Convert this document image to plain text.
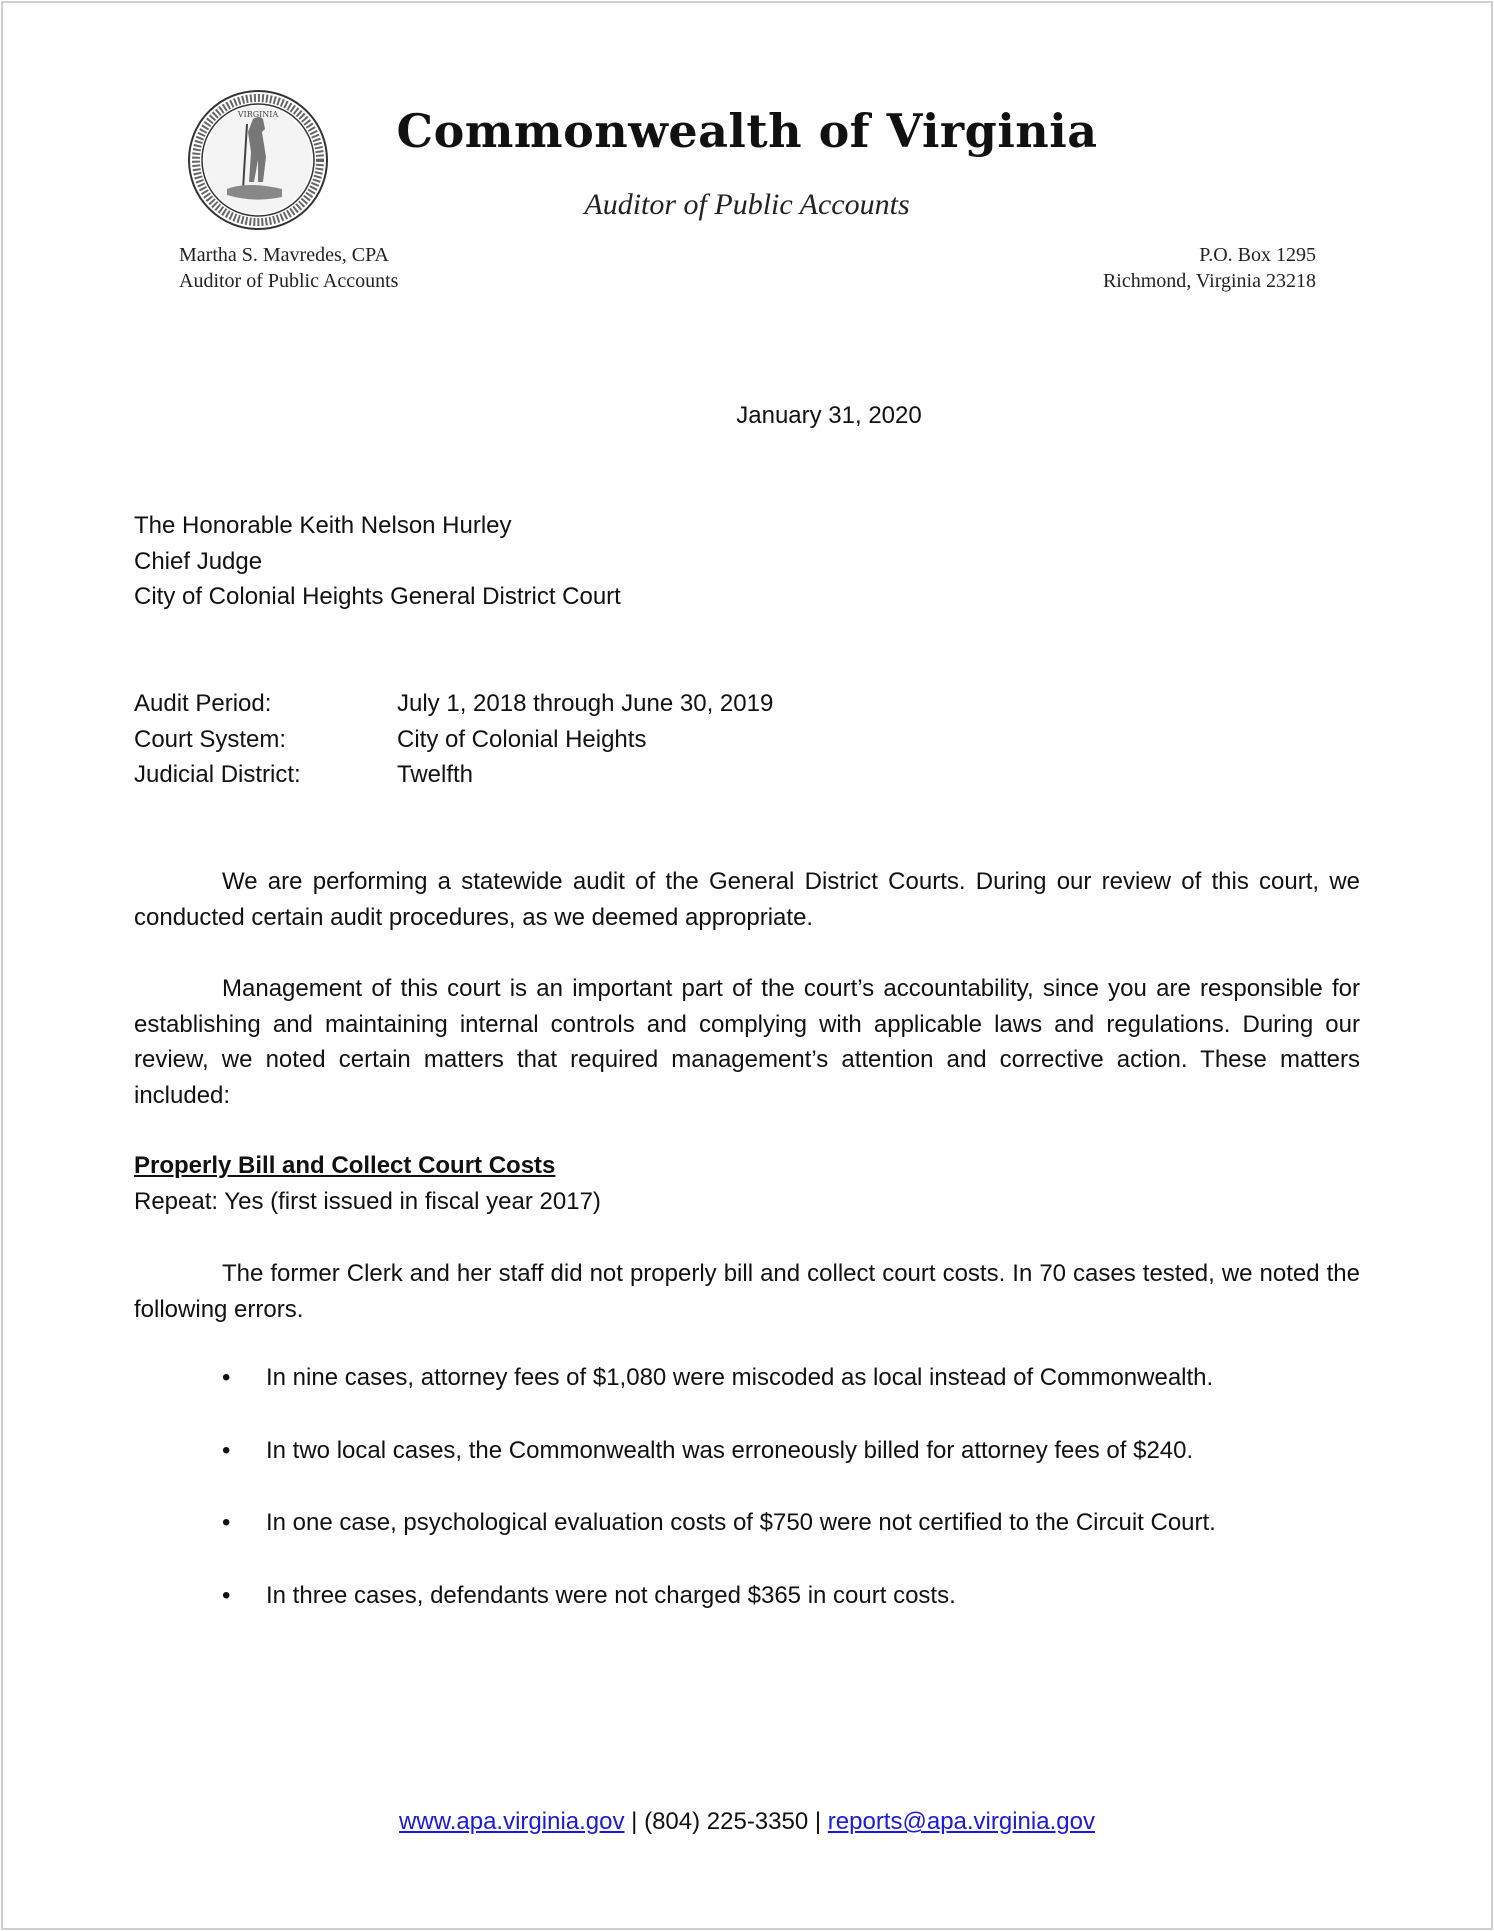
VIRGINIA	Commonwealth of Virginia
Auditor of Public Accounts
Martha S. Mavredes, CPA
Auditor of Public Accounts
P.O. Box 1295
Richmond, Virginia 23218
January 31, 2020
The Honorable Keith Nelson Hurley
Chief Judge
City of Colonial Heights General District Court
Audit Period:	July 1, 2018 through June 30, 2019
Court System:	City of Colonial Heights
Judicial District:	Twelfth

We are performing a statewide audit of the General District Courts. During our review of this court, we conducted certain audit procedures, as we deemed appropriate.

Management of this court is an important part of the court’s accountability, since you are responsible for establishing and maintaining internal controls and complying with applicable laws and regulations. During our review, we noted certain matters that required management’s attention and corrective action. These matters included:

Properly Bill and Collect Court Costs
Repeat: Yes (first issued in fiscal year 2017)

The former Clerk and her staff did not properly bill and collect court costs. In 70 cases tested, we noted the following errors.

• In nine cases, attorney fees of $1,080 were miscoded as local instead of Commonwealth.
• In two local cases, the Commonwealth was erroneously billed for attorney fees of $240.
• In one case, psychological evaluation costs of $750 were not certified to the Circuit Court.
• In three cases, defendants were not charged $365 in court costs.
www.apa.virginia.gov | (804) 225-3350 | reports@apa.virginia.gov
